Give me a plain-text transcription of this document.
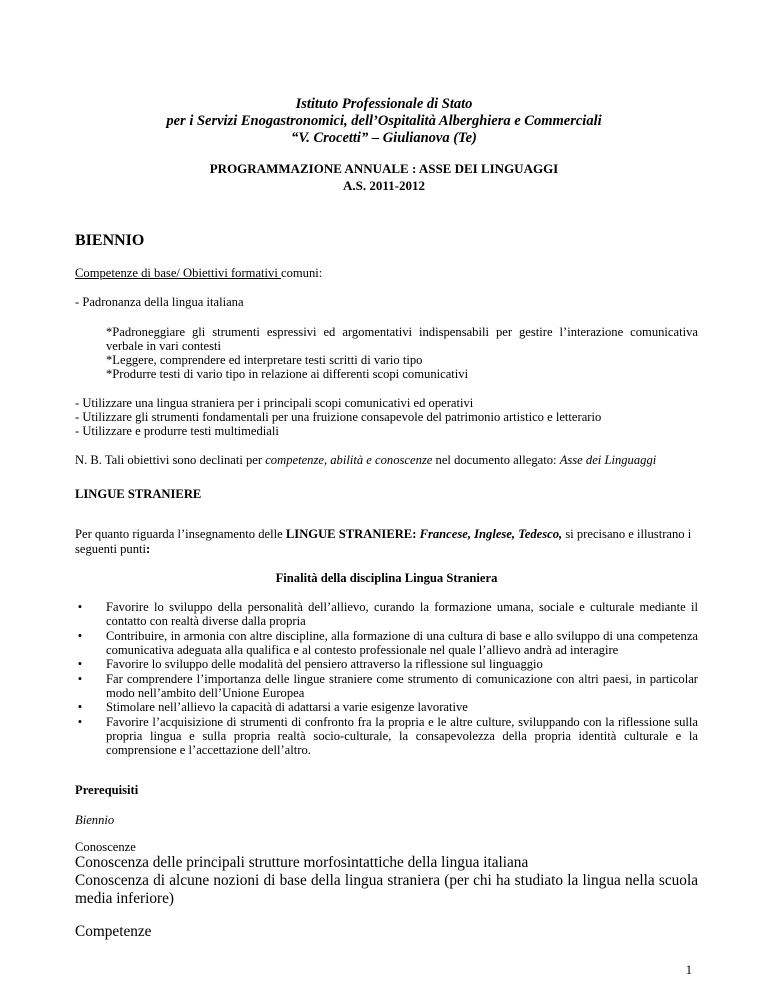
Istituto Professionale di Stato
per i Servizi Enogastronomici, dell’Ospitalità Alberghiera e Commerciali
“V. Crocetti” – Giulianova (Te)
PROGRAMMAZIONE ANNUALE : ASSE DEI LINGUAGGI
A.S. 2011-2012
BIENNIO

Competenze di base/ Obiettivi formativi comuni:

- Padronanza della lingua italiana

*Padroneggiare gli strumenti espressivi ed argomentativi indispensabili per gestire l’interazione comunicativa verbale in vari contesti

*Leggere, comprendere ed interpretare testi scritti di vario tipo

*Produrre testi di vario tipo in relazione ai differenti scopi comunicativi

- Utilizzare una lingua straniera per i principali scopi comunicativi ed operativi

- Utilizzare gli strumenti fondamentali per una fruizione consapevole del patrimonio artistico e letterario

- Utilizzare e produrre testi multimediali

N. B. Tali obiettivi sono declinati per competenze, abilità e conoscenze nel documento allegato: Asse dei Linguaggi

LINGUE STRANIERE

Per quanto riguarda l’insegnamento delle LINGUE STRANIERE: Francese, Inglese, Tedesco, si precisano e illustrano i seguenti punti:

Finalità della disciplina Lingua Straniera

• Favorire lo sviluppo della personalità dell’allievo, curando la formazione umana, sociale e culturale mediante il contatto con realtà diverse dalla propria
• Contribuire, in armonia con altre discipline, alla formazione di una cultura di base e allo sviluppo di una competenza comunicativa adeguata alla qualifica e al contesto professionale nel quale l’allievo andrà ad interagire
• Favorire lo sviluppo delle modalità del pensiero attraverso la riflessione sul linguaggio
• Far comprendere l’importanza delle lingue straniere come strumento di comunicazione con altri paesi, in particolar modo nell’ambito dell’Unione Europea
• Stimolare nell’allievo la capacità di adattarsi a varie esigenze lavorative
• Favorire l’acquisizione di strumenti di confronto fra la propria e le altre culture, sviluppando con la riflessione sulla propria lingua e sulla propria realtà socio-culturale, la consapevolezza della propria identità culturale e la comprensione e l’accettazione dell’altro.

Prerequisiti

Biennio

Conoscenze

Conoscenza delle principali strutture morfosintattiche della lingua italiana

Conoscenza di alcune nozioni di base della lingua straniera (per chi ha studiato la lingua nella scuola media inferiore)

Competenze

1
